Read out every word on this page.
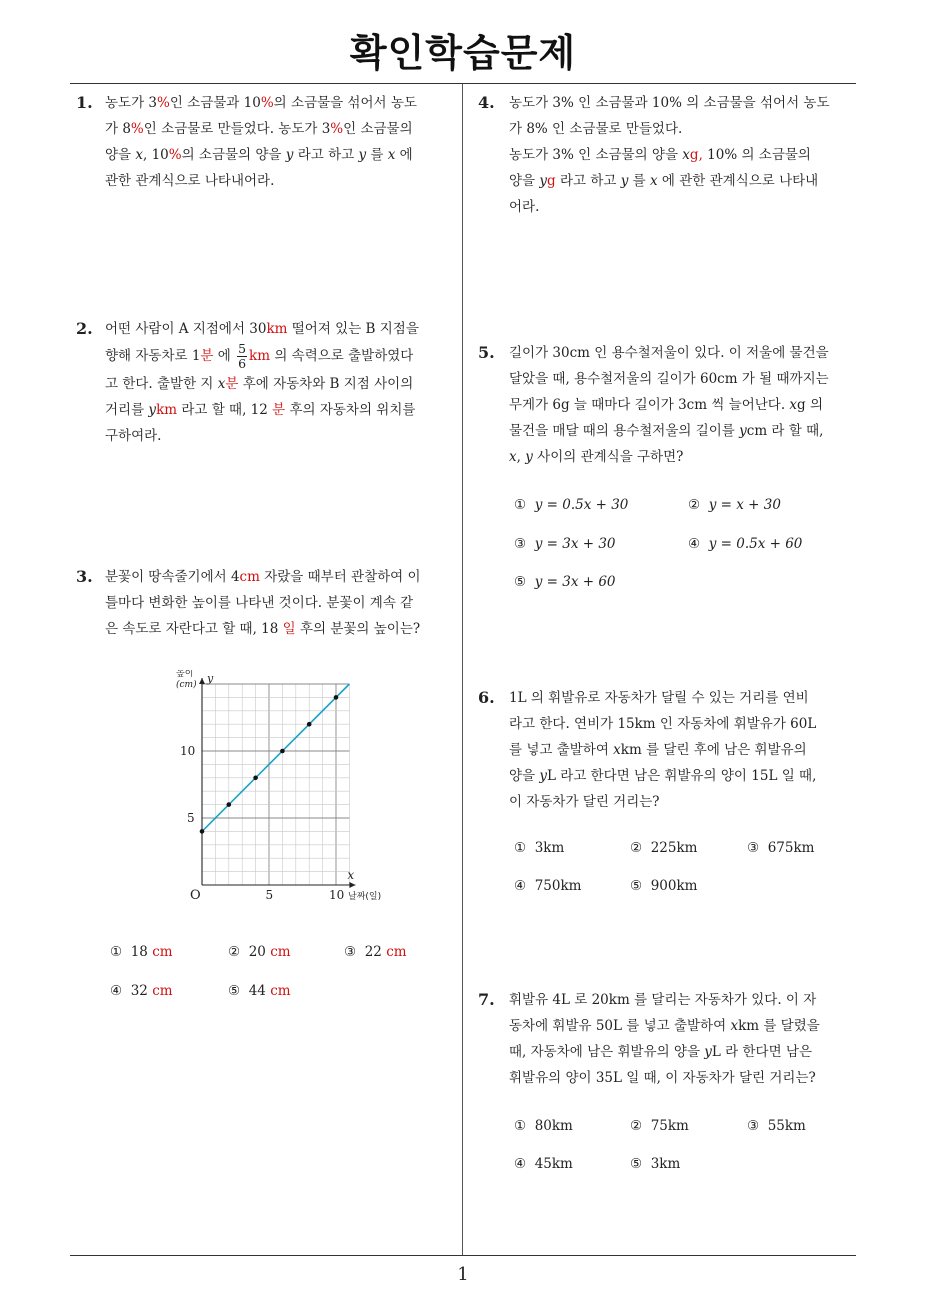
확인학습문제
1
1. 농도가 3%인 소금물과 10%의 소금물을 섞어서 농도
가 8%인 소금물로 만들었다. 농도가 3%인 소금물의
양을 x, 10%의 소금물의 양을 y 라고 하고 y 를 x 에
관한 관계식으로 나타내어라.
2. 어떤 사람이 A 지점에서 30km 떨어져 있는 B 지점을
향해 자동차로 1분 에 $\frac{5}{6}$ km 의 속력으로 출발하였다
고 한다. 출발한 지 x분 후에 자동차와 B 지점 사이의
거리를 ykm 라고 할 때, 12 분 후의 자동차의 위치를
구하여라.
3. 분꽃이 땅속줄기에서 4cm 자랐을 때부터 관찰하여 이
틀마다 변화한 높이를 나타낸 것이다. 분꽃이 계속 같
은 속도로 자란다고 할 때, 18 일 후의 분꽃의 높이는?
O	5	10
5
10
높이
(cm) y
x
날짜(일)
① 18 cm	② 20 cm	③ 22 cm
④ 32 cm	⑤ 44 cm
4. 농도가 3% 인 소금물과 10% 의 소금물을 섞어서 농도
가 8% 인 소금물로 만들었다.
농도가 3% 인 소금물의 양을 xg, 10% 의 소금물의
양을 yg 라고 하고 y 를 x 에 관한 관계식으로 나타내
어라.
5. 길이가 30cm 인 용수철저울이 있다. 이 저울에 물건을
달았을 때, 용수철저울의 길이가 60cm 가 될 때까지는
무게가 6g 늘 때마다 길이가 3cm 씩 늘어난다. xg 의
물건을 매달 때의 용수철저울의 길이를 ycm 라 할 때,
x, y 사이의 관계식을 구하면?
① y = 0.5x + 30	② y = x + 30
③ y = 3x + 30	④ y = 0.5x + 60
⑤ y = 3x + 60
6. 1L 의 휘발유로 자동차가 달릴 수 있는 거리를 연비
라고 한다. 연비가 15km 인 자동차에 휘발유가 60L
를 넣고 출발하여 xkm 를 달린 후에 남은 휘발유의
양을 yL 라고 한다면 남은 휘발유의 양이 15L 일 때,
이 자동차가 달린 거리는?
① 3km	② 225km	③ 675km
④ 750km	⑤ 900km
7. 휘발유 4L 로 20km 를 달리는 자동차가 있다. 이 자
동차에 휘발유 50L 를 넣고 출발하여 xkm 를 달렸을
때, 자동차에 남은 휘발유의 양을 yL 라 한다면 남은
휘발유의 양이 35L 일 때, 이 자동차가 달린 거리는?
① 80km	② 75km	③ 55km
④ 45km	⑤ 3km
